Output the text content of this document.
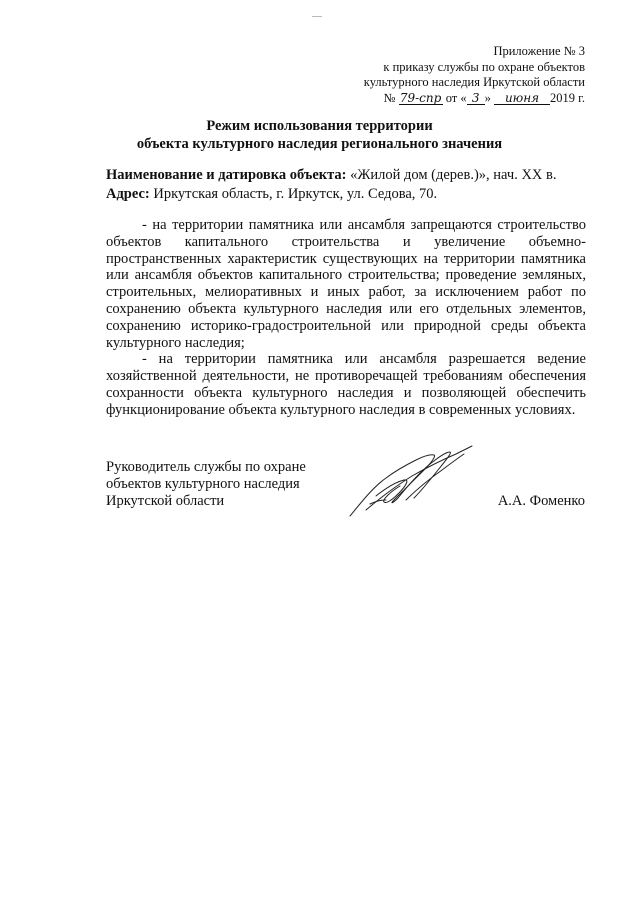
Приложение № 3
к приказу службы по охране объектов
культурного наследия Иркутской области
№ 79-спр от « 3 » июня 2019 г.
Режим использования территории
объекта культурного наследия регионального значения
Наименование и датировка объекта: «Жилой дом (дерев.)», нач. XX в.
Адрес: Иркутская область, г. Иркутск, ул. Седова, 70.

- на территории памятника или ансамбля запрещаются строительство объектов капитального строительства и увеличение объемно-пространственных характеристик существующих на территории памятника или ансамбля объектов капитального строительства; проведение земляных, строительных, мелиоративных и иных работ, за исключением работ по сохранению объекта культурного наследия или его отдельных элементов, сохранению историко-градостроительной или природной среды объекта культурного наследия;

- на территории памятника или ансамбля разрешается ведение хозяйственной деятельности, не противоречащей требованиям обеспечения сохранности объекта культурного наследия и позволяющей обеспечить функционирование объекта культурного наследия в современных условиях.

Руководитель службы по охране
объектов культурного наследия
Иркутской области	А.А. Фоменко
